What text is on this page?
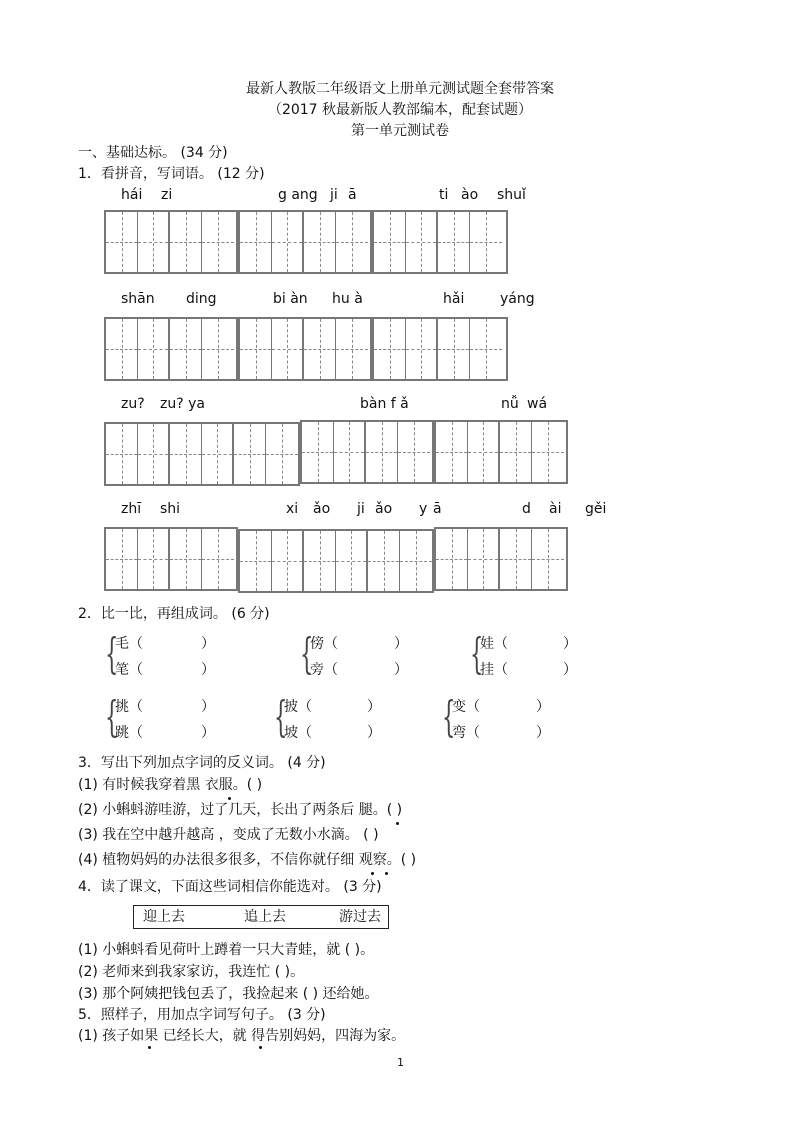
最新人教版二年级语文上册单元测试题全套带答案
（2017 秋最新版人教部编本，配套试题）
第一单元测试卷
一、基础达标。 (34 分)
1．看拼音，写词语。 (12 分)
hái zi	g ang ji ā	ti ào shuǐ
shān ding	bi àn hu à	hǎi	yáng
zu? zu? ya	bàn f ǎ	nǚ wá
zhī shi	xi ǎo ji ǎo y ā	d ài gěi
2．比一比，再组成词。 (6 分)
{
毛（	）
笔（	） {
傍（	）
旁（	） {
娃（	）
挂（	）
{
挑（	）
跳（	） {
披（	）
坡（	） {
变（	）
弯（	）
3．写出下列加点字词的反义词。 (4 分)
(1) 有时候我穿着黑 衣服。( )
(2) 小蝌蚪游哇游，过了几天，长出了两条后 腿。( )
(3) 我在空中越升越高 ，变成了无数小水滴。 ( )
(4) 植物妈妈的办法很多很多，不信你就仔细 观察。( )
4．读了课文，下面这些词相信你能选对。 (3 分)
迎上去	追上去	游过去
(1) 小蝌蚪看见荷叶上蹲着一只大青蛙，就 ( )。
(2) 老师来到我家家访，我连忙 ( )。
(3) 那个阿姨把钱包丢了，我捡起来 ( ) 还给她。
5．照样子，用加点字词写句子。 (3 分)
(1) 孩子如果 已经长大，就 得告别妈妈，四海为家。
1
